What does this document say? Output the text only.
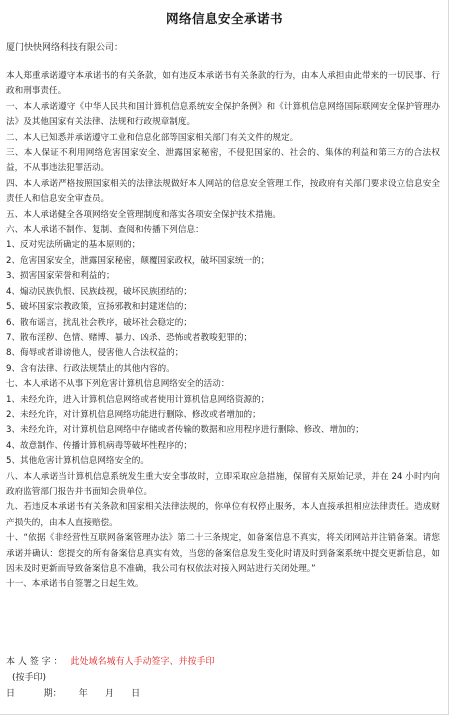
网络信息安全承诺书
厦门快快网络科技有限公司：

本人郑重承诺遵守本承诺书的有关条款，如有违反本承诺书有关条款的行为，由本人承担由此带来的一切民事、行政和刑事责任。

一、本人承诺遵守《中华人民共和国计算机信息系统安全保护条例》和《计算机信息网络国际联网安全保护管理办法》及其他国家有关法律、法规和行政规章制度。

二、本人已知悉并承诺遵守工业和信息化部等国家相关部门有关文件的规定。

三、本人保证不利用网络危害国家安全、泄露国家秘密，不侵犯国家的、社会的、集体的利益和第三方的合法权益，不从事违法犯罪活动。

四、本人承诺严格按照国家相关的法律法规做好本人网站的信息安全管理工作，按政府有关部门要求设立信息安全责任人和信息安全审查员。

五、本人承诺健全各项网络安全管理制度和落实各项安全保护技术措施。

六、本人承诺不制作、复制、查阅和传播下列信息：

1、反对宪法所确定的基本原则的；

2、危害国家安全，泄露国家秘密，颠覆国家政权，破坏国家统一的；

3、损害国家荣誉和利益的；

4、煽动民族仇恨、民族歧视，破坏民族团结的；

5、破坏国家宗教政策，宣扬邪教和封建迷信的；

6、散布谣言，扰乱社会秩序，破坏社会稳定的；

7、散布淫秽、色情、赌博、暴力、凶杀、恐怖或者教唆犯罪的；

8、侮辱或者诽谤他人，侵害他人合法权益的；

9、含有法律、行政法规禁止的其他内容的。

七、本人承诺不从事下列危害计算机信息网络安全的活动：

1、未经允许，进入计算机信息网络或者使用计算机信息网络资源的；

2、未经允许，对计算机信息网络功能进行删除、修改或者增加的；

3、未经允许，对计算机信息网络中存储或者传输的数据和应用程序进行删除、修改、增加的；

4、故意制作、传播计算机病毒等破坏性程序的；

5、其他危害计算机信息网络安全的。

八、本人承诺当计算机信息系统发生重大安全事故时，立即采取应急措施，保留有关原始记录，并在 24 小时内向政府监管部门报告并书面知会贵单位。

九、若违反本承诺书有关条款和国家相关法律法规的，你单位有权停止服务，本人直接承担相应法律责任。造成财产损失的，由本人直接赔偿。

十、“依据《非经营性互联网备案管理办法》第二十三条规定，如备案信息不真实，将关闭网站并注销备案。请您承诺并确认：您提交的所有备案信息真实有效，当您的备案信息发生变化时请及时到备案系统中提交更新信息，如因未及时更新而导致备案信息不准确，我公司有权依法对接入网站进行关闭处理。”

十一、本承诺书自签署之日起生效。

本 人 签 字 ： 此处域名城有人手动签字、并按手印
(按手印)
日          期：      年      月      日
